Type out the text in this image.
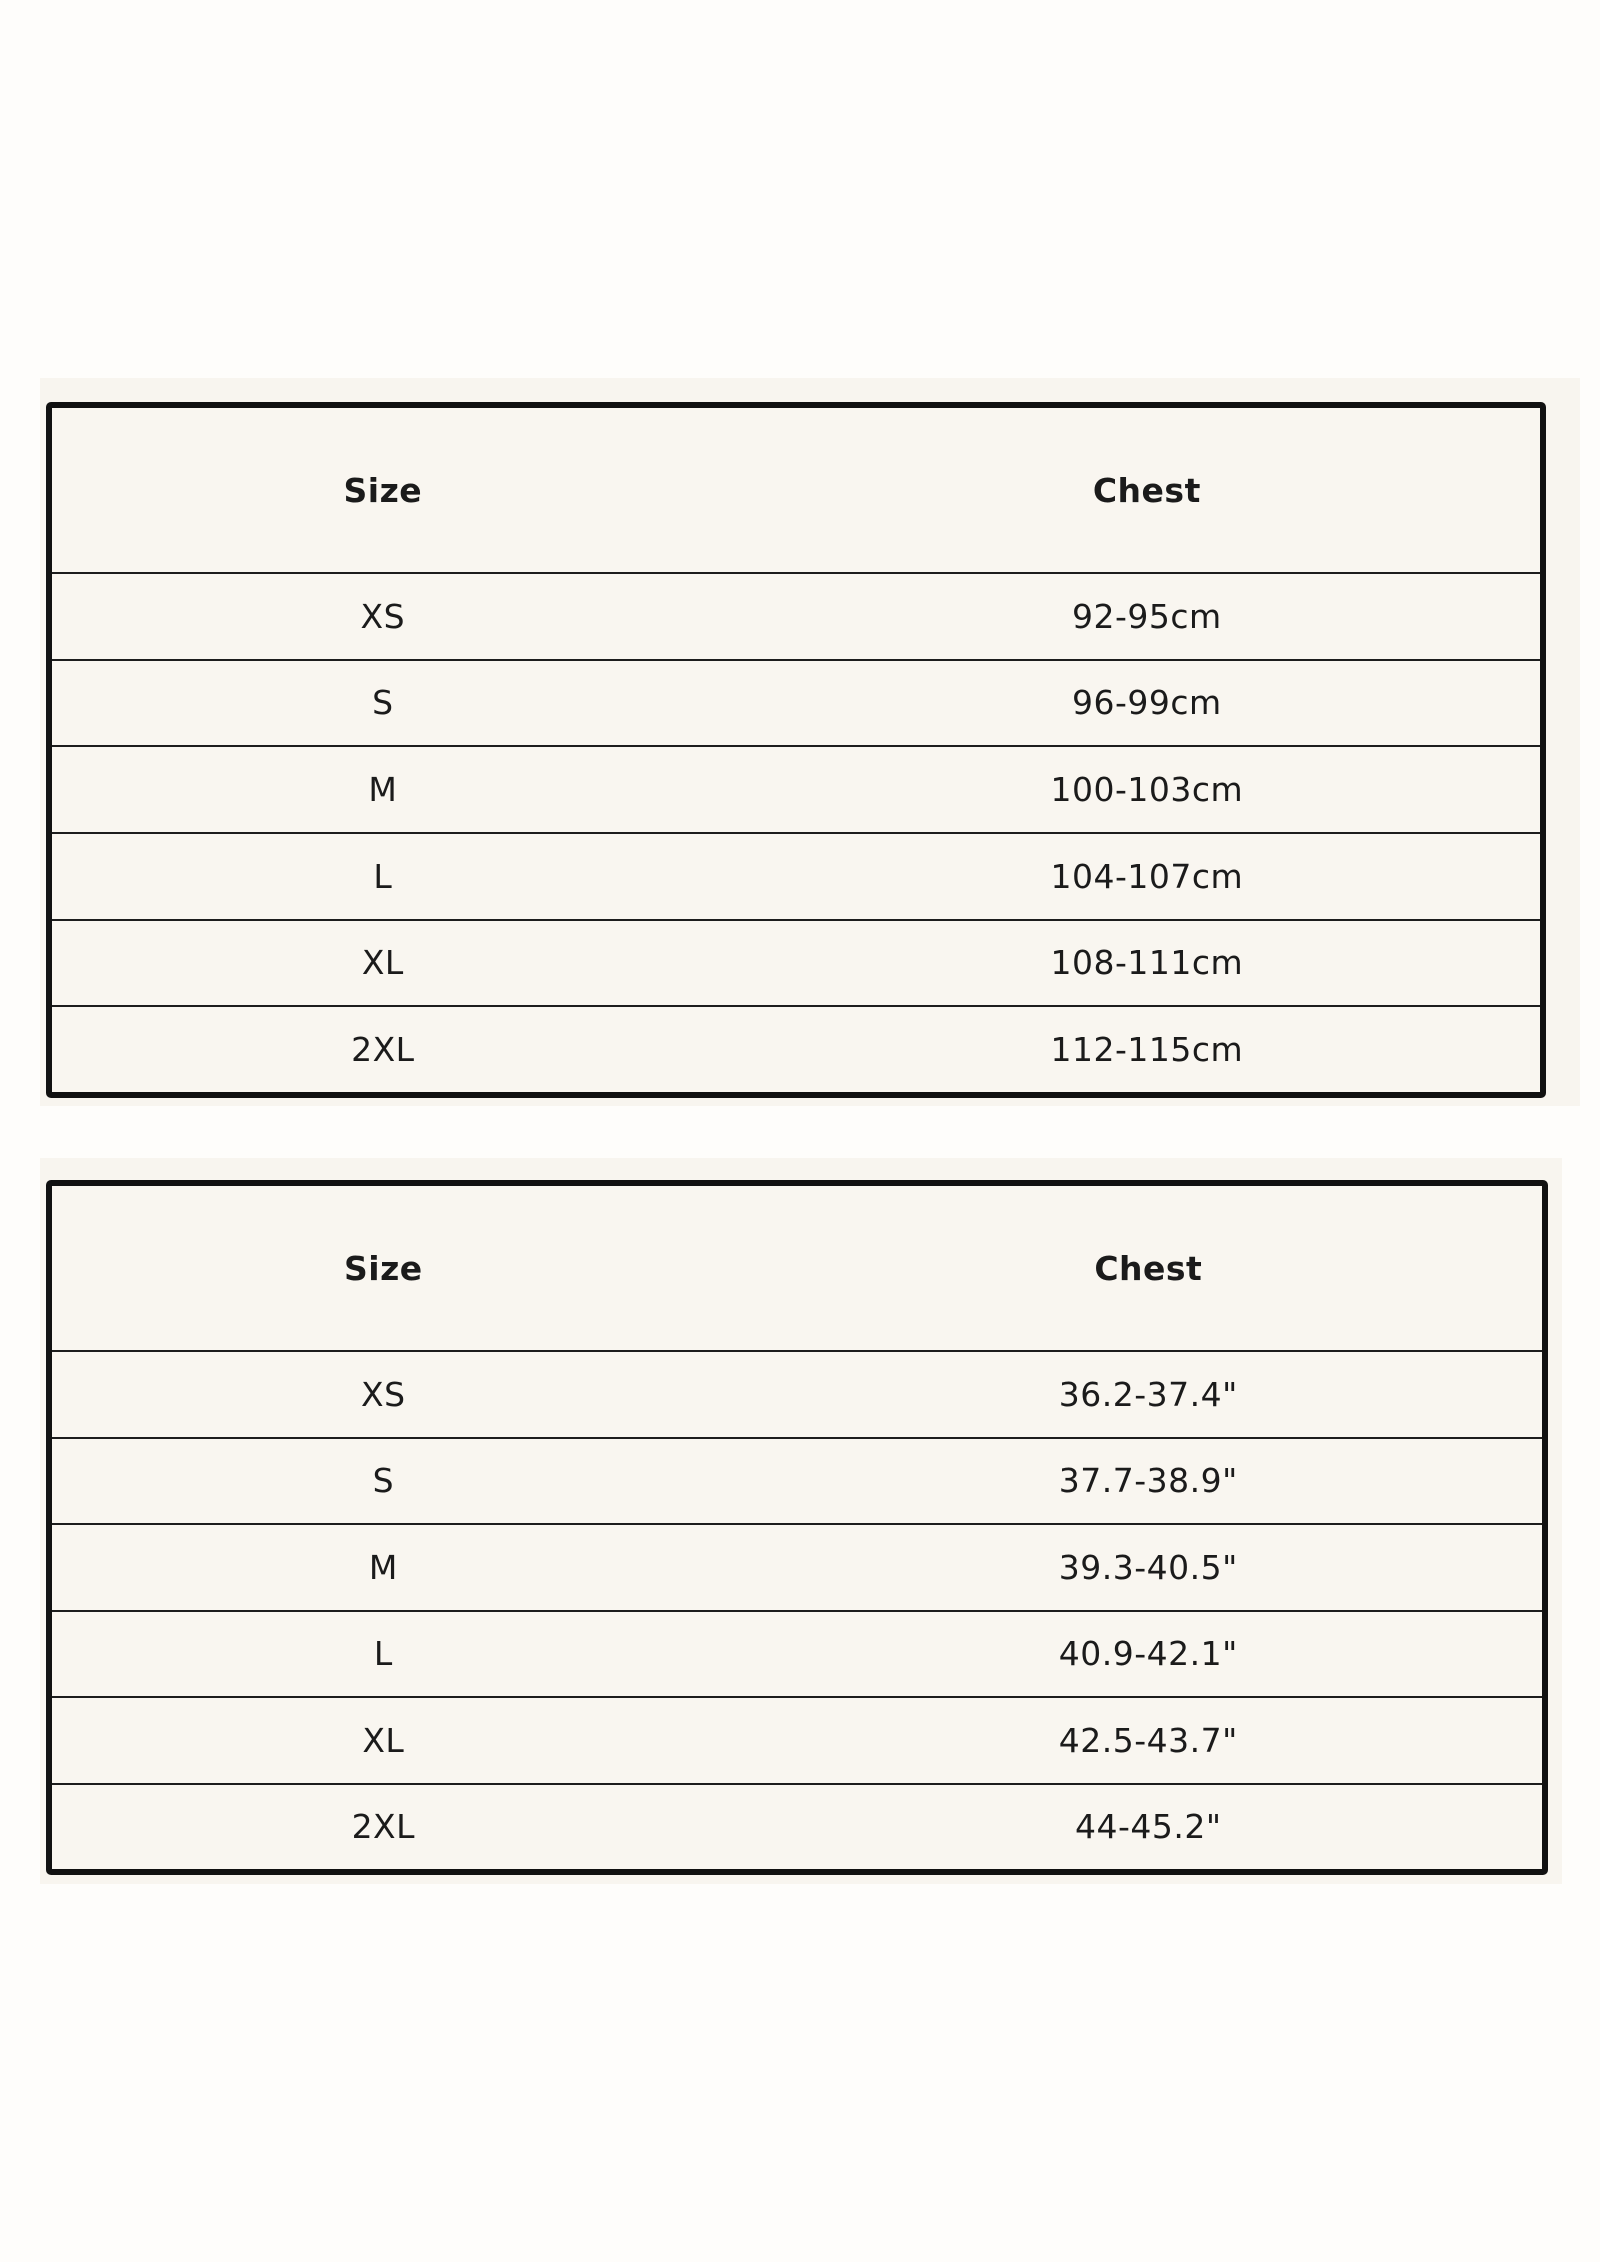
Size	Chest
XS	92-95cm
S	96-99cm
M	100-103cm
L	104-107cm
XL	108-111cm
2XL	112-115cm
Size	Chest
XS	36.2-37.4"
S	37.7-38.9"
M	39.3-40.5"
L	40.9-42.1"
XL	42.5-43.7"
2XL	44-45.2"
